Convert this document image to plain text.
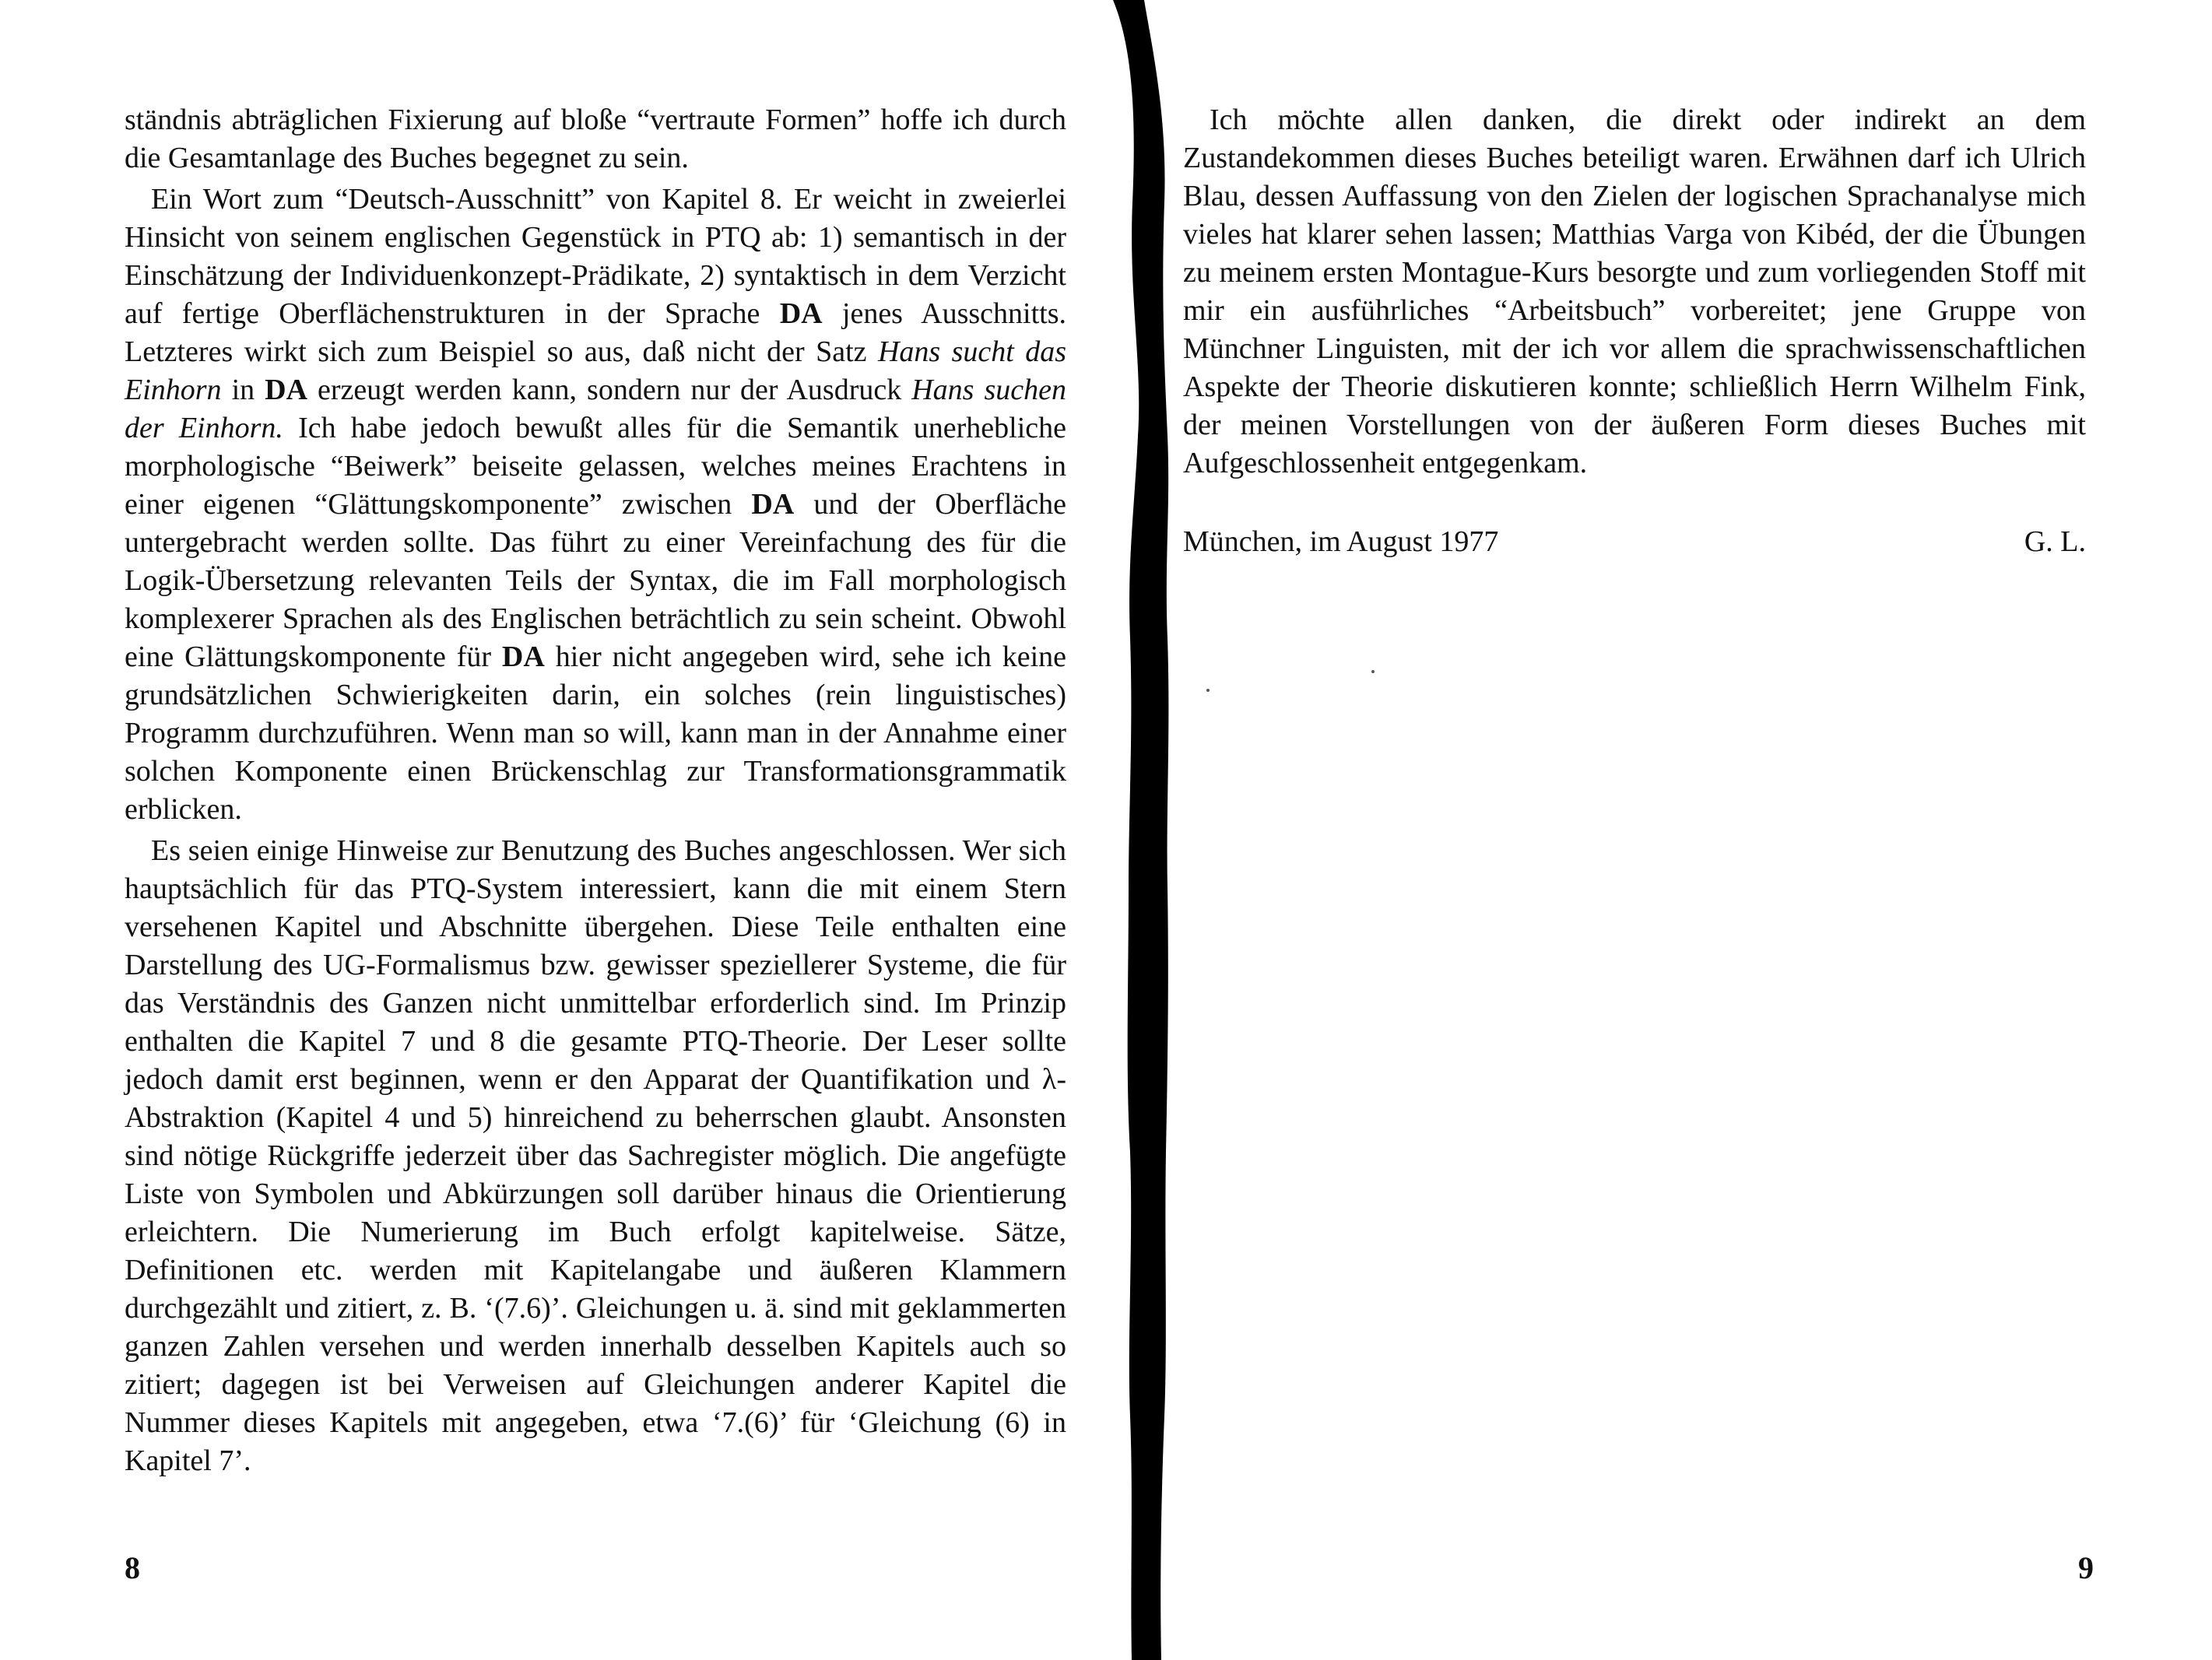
ständnis abträglichen Fixierung auf bloße “vertraute Formen” hoffe ich durch die Gesamtanlage des Buches begegnet zu sein.

Ein Wort zum “Deutsch-Ausschnitt” von Kapitel 8. Er weicht in zweierlei Hinsicht von seinem englischen Gegenstück in PTQ ab: 1) semantisch in der Einschätzung der Individuenkonzept-Prädikate, 2) syntaktisch in dem Verzicht auf fertige Oberflächenstrukturen in der Sprache DA jenes Ausschnitts. Letzteres wirkt sich zum Beispiel so aus, daß nicht der Satz Hans sucht das Einhorn in DA erzeugt werden kann, sondern nur der Ausdruck Hans suchen der Einhorn. Ich habe jedoch bewußt alles für die Semantik unerhebliche morphologische “Beiwerk” beiseite gelassen, welches meines Erachtens in einer eigenen “Glättungskomponente” zwischen DA und der Oberfläche untergebracht werden sollte. Das führt zu einer Vereinfachung des für die Logik-Übersetzung relevanten Teils der Syntax, die im Fall morphologisch komplexerer Sprachen als des Englischen beträchtlich zu sein scheint. Obwohl eine Glättungskomponente für DA hier nicht angegeben wird, sehe ich keine grundsätzlichen Schwierigkeiten darin, ein solches (rein linguistisches) Programm durchzuführen. Wenn man so will, kann man in der Annahme einer solchen Komponente einen Brückenschlag zur Transformationsgrammatik erblicken.

Es seien einige Hinweise zur Benutzung des Buches angeschlossen. Wer sich hauptsächlich für das PTQ-System interessiert, kann die mit einem Stern versehenen Kapitel und Abschnitte übergehen. Diese Teile enthalten eine Darstellung des UG-Formalismus bzw. gewisser speziellerer Systeme, die für das Verständnis des Ganzen nicht unmittelbar erforderlich sind. Im Prinzip enthalten die Kapitel 7 und 8 die gesamte PTQ-Theorie. Der Leser sollte jedoch damit erst beginnen, wenn er den Apparat der Quantifikation und λ-Abstraktion (Kapitel 4 und 5) hinreichend zu beherrschen glaubt. Ansonsten sind nötige Rückgriffe jederzeit über das Sachregister möglich. Die angefügte Liste von Symbolen und Abkürzungen soll darüber hinaus die Orientierung erleichtern. Die Numerierung im Buch erfolgt kapitelweise. Sätze, Definitionen etc. werden mit Kapitelangabe und äußeren Klammern durchgezählt und zitiert, z. B. ‘(7.6)’. Gleichungen u. ä. sind mit geklammerten ganzen Zahlen versehen und werden innerhalb desselben Kapitels auch so zitiert; dagegen ist bei Verweisen auf Gleichungen anderer Kapitel die Nummer dieses Kapitels mit angegeben, etwa ‘7.(6)’ für ‘Gleichung (6) in Kapitel 7’.

8

Ich möchte allen danken, die direkt oder indirekt an dem Zustandekommen dieses Buches beteiligt waren. Erwähnen darf ich Ulrich Blau, dessen Auffassung von den Zielen der logischen Sprachanalyse mich vieles hat klarer sehen lassen; Matthias Varga von Kibéd, der die Übungen zu meinem ersten Montague-Kurs besorgte und zum vorliegenden Stoff mit mir ein ausführliches “Arbeitsbuch” vorbereitet; jene Gruppe von Münchner Linguisten, mit der ich vor allem die sprachwissenschaftlichen Aspekte der Theorie diskutieren konnte; schließlich Herrn Wilhelm Fink, der meinen Vorstellungen von der äußeren Form dieses Buches mit Aufgeschlossenheit entgegenkam.

München, im August 1977	G. L.
9
